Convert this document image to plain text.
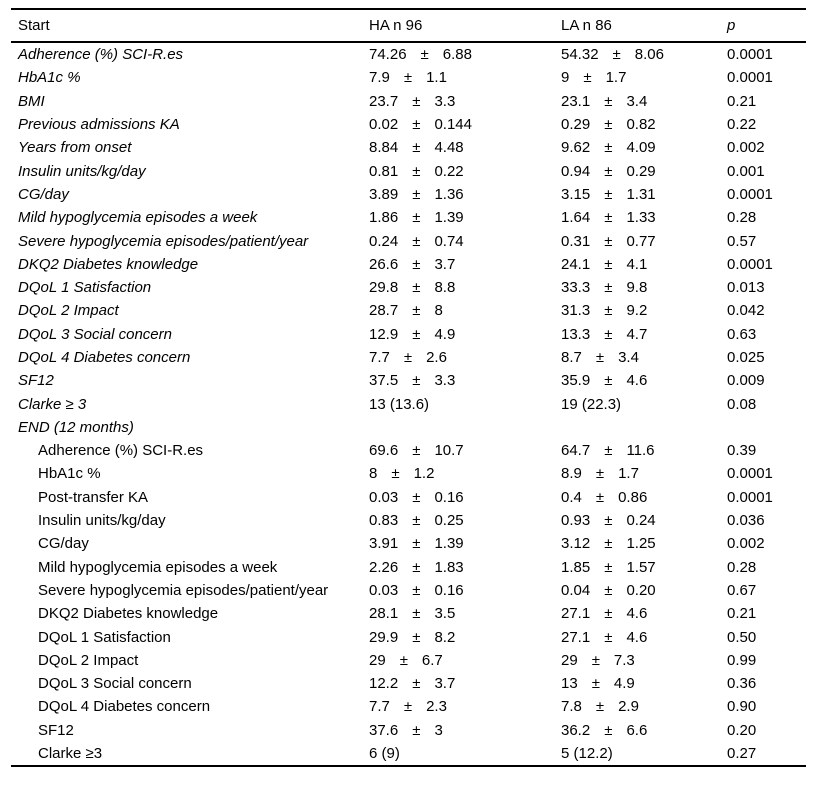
Start	HA n 96	LA n 86	p
Adherence (%) SCI-R.es	74.26 ± 6.88	54.32 ± 8.06	0.0001
HbA1c %	7.9 ± 1.1	9 ± 1.7	0.0001
BMI	23.7 ± 3.3	23.1 ± 3.4	0.21
Previous admissions KA	0.02 ± 0.144	0.29 ± 0.82	0.22
Years from onset	8.84 ± 4.48	9.62 ± 4.09	0.002
Insulin units/kg/day	0.81 ± 0.22	0.94 ± 0.29	0.001
CG/day	3.89 ± 1.36	3.15 ± 1.31	0.0001
Mild hypoglycemia episodes a week	1.86 ± 1.39	1.64 ± 1.33	0.28
Severe hypoglycemia episodes/patient/year	0.24 ± 0.74	0.31 ± 0.77	0.57
DKQ2 Diabetes knowledge	26.6 ± 3.7	24.1 ± 4.1	0.0001
DQoL 1 Satisfaction	29.8 ± 8.8	33.3 ± 9.8	0.013
DQoL 2 Impact	28.7 ± 8	31.3 ± 9.2	0.042
DQoL 3 Social concern	12.9 ± 4.9	13.3 ± 4.7	0.63
DQoL 4 Diabetes concern	7.7 ± 2.6	8.7 ± 3.4	0.025
SF12	37.5 ± 3.3	35.9 ± 4.6	0.009
Clarke ≥ 3	13 (13.6)	19 (22.3)	0.08
END (12 months)
Adherence (%) SCI-R.es	69.6 ± 10.7	64.7 ± 11.6	0.39
HbA1c %	8 ± 1.2	8.9 ± 1.7	0.0001
Post-transfer KA	0.03 ± 0.16	0.4 ± 0.86	0.0001
Insulin units/kg/day	0.83 ± 0.25	0.93 ± 0.24	0.036
CG/day	3.91 ± 1.39	3.12 ± 1.25	0.002
Mild hypoglycemia episodes a week	2.26 ± 1.83	1.85 ± 1.57	0.28
Severe hypoglycemia episodes/patient/year	0.03 ± 0.16	0.04 ± 0.20	0.67
DKQ2 Diabetes knowledge	28.1 ± 3.5	27.1 ± 4.6	0.21
DQoL 1 Satisfaction	29.9 ± 8.2	27.1 ± 4.6	0.50
DQoL 2 Impact	29 ± 6.7	29 ± 7.3	0.99
DQoL 3 Social concern	12.2 ± 3.7	13 ± 4.9	0.36
DQoL 4 Diabetes concern	7.7 ± 2.3	7.8 ± 2.9	0.90
SF12	37.6 ± 3	36.2 ± 6.6	0.20
Clarke ≥3	6 (9)	5 (12.2)	0.27
